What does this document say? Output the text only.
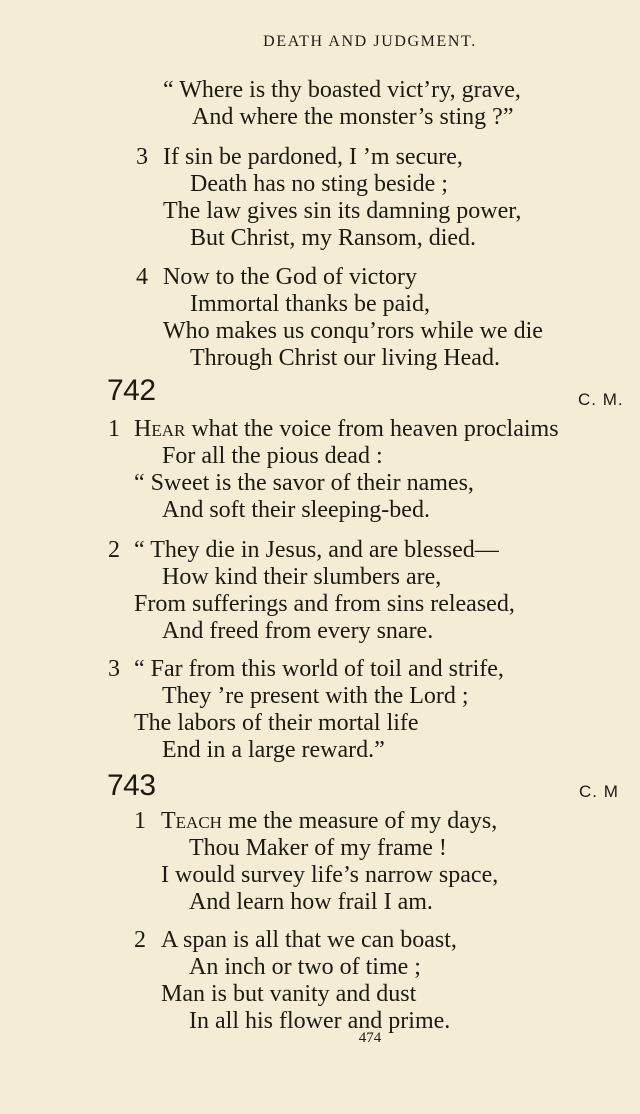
DEATH AND JUDGMENT.
“ Where is thy boasted vict’ry, grave,
And where the monster’s sting ?”
3 If sin be pardoned, I ’m secure,
Death has no sting beside ;
The law gives sin its damning power,
But Christ, my Ransom, died.
4 Now to the God of victory
Immortal thanks be paid,
Who makes us conqu’rors while we die
Through Christ our living Head.
742	C. M.
1 Hear what the voice from heaven proclaims
For all the pious dead :
“ Sweet is the savor of their names,
And soft their sleeping-bed.
2 “ They die in Jesus, and are blessed—
How kind their slumbers are,
From sufferings and from sins released,
And freed from every snare.
3 “ Far from this world of toil and strife,
They ’re present with the Lord ;
The labors of their mortal life
End in a large reward.”
743	C. M
1 Teach me the measure of my days,
Thou Maker of my frame !
I would survey life’s narrow space,
And learn how frail I am.
2 A span is all that we can boast,
An inch or two of time ;
Man is but vanity and dust
In all his flower and prime.
474
